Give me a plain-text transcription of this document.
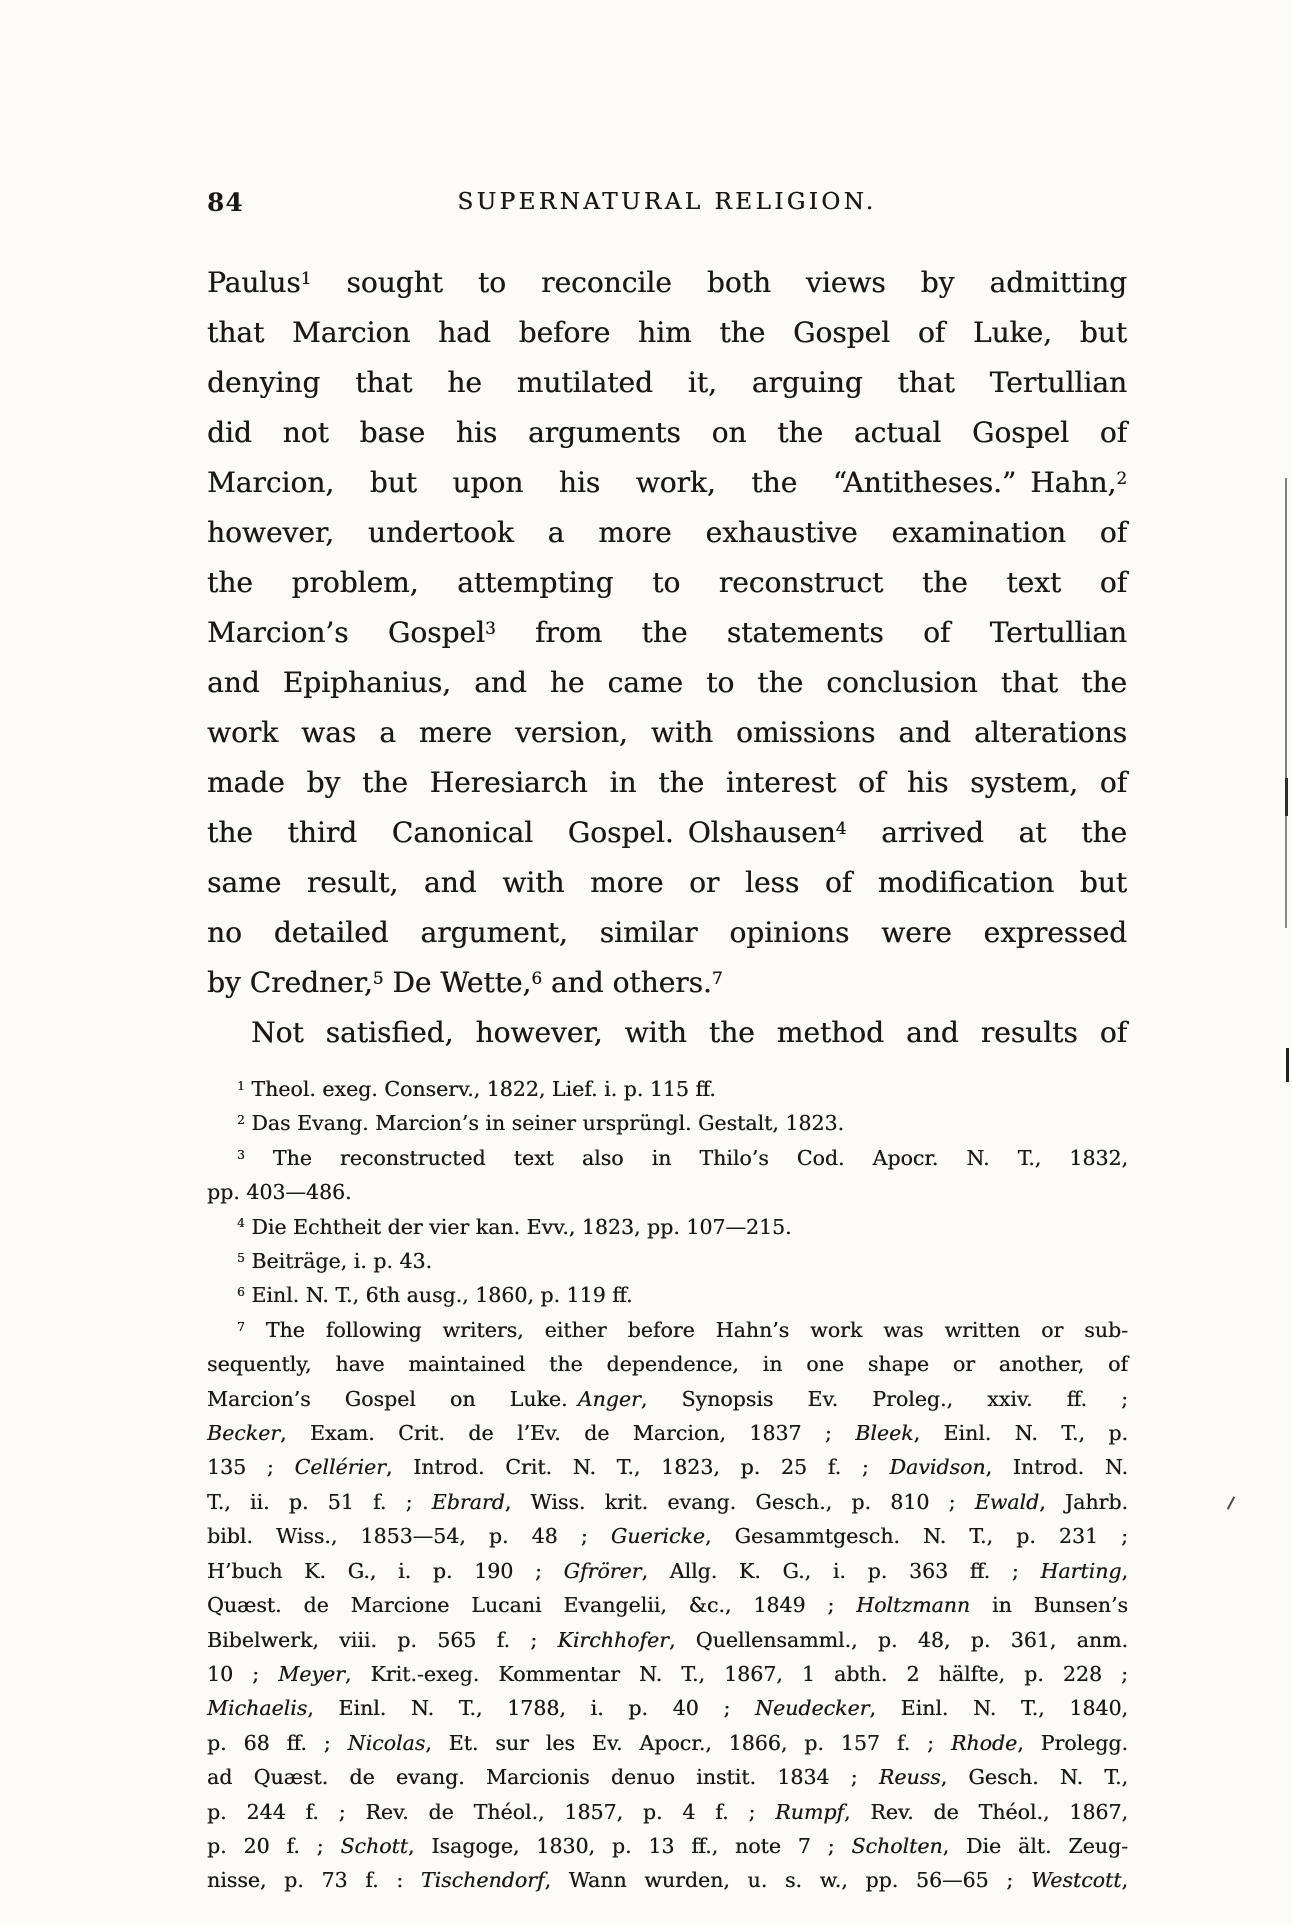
84	SUPERNATURAL RELIGION.
Paulus$^1$ sought to reconcile both views by admitting
that Marcion had before him the Gospel of Luke, but
denying that he mutilated it, arguing that Tertullian
did not base his arguments on the actual Gospel of
Marcion, but upon his work, the “Antitheses.” Hahn,$^2$
however, undertook a more exhaustive examination of
the problem, attempting to reconstruct the text of
Marcion’s Gospel$^3$ from the statements of Tertullian
and Epiphanius, and he came to the conclusion that the
work was a mere version, with omissions and alterations
made by the Heresiarch in the interest of his system, of
the third Canonical Gospel. Olshausen$^4$ arrived at the
same result, and with more or less of modification but
no detailed argument, similar opinions were expressed
by Credner,$^5$ De Wette,$^6$ and others.$^7$
Not satisfied, however, with the method and results of
$^1$ Theol. exeg. Conserv., 1822, Lief. i. p. 115 ff.
$^2$ Das Evang. Marcion’s in seiner ursprüngl. Gestalt, 1823.
$^3$ The reconstructed text also in Thilo’s Cod. Apocr. N. T., 1832,
pp. 403—486.
$^4$ Die Echtheit der vier kan. Evv., 1823, pp. 107—215.
$^5$ Beiträge, i. p. 43.
$^6$ Einl. N. T., 6th ausg., 1860, p. 119 ff.
$^7$ The following writers, either before Hahn’s work was written or sub-
sequently, have maintained the dependence, in one shape or another, of
Marcion’s Gospel on Luke. Anger, Synopsis Ev. Proleg., xxiv. ff. ;
Becker, Exam. Crit. de l’Ev. de Marcion, 1837 ; Bleek, Einl. N. T., p.
135 ; Cellérier, Introd. Crit. N. T., 1823, p. 25 f. ; Davidson, Introd. N.
T., ii. p. 51 f. ; Ebrard, Wiss. krit. evang. Gesch., p. 810 ; Ewald, Jahrb.
bibl. Wiss., 1853—54, p. 48 ; Guericke, Gesammtgesch. N. T., p. 231 ;
H’buch K. G., i. p. 190 ; Gfrörer, Allg. K. G., i. p. 363 ff. ; Harting,
Quæst. de Marcione Lucani Evangelii, &c., 1849 ; Holtzmann in Bunsen’s
Bibelwerk, viii. p. 565 f. ; Kirchhofer, Quellensamml., p. 48, p. 361, anm.
10 ; Meyer, Krit.-exeg. Kommentar N. T., 1867, 1 abth. 2 hälfte, p. 228 ;
Michaelis, Einl. N. T., 1788, i. p. 40 ; Neudecker, Einl. N. T., 1840,
p. 68 ff. ; Nicolas, Et. sur les Ev. Apocr., 1866, p. 157 f. ; Rhode, Prolegg.
ad Quæst. de evang. Marcionis denuo instit. 1834 ; Reuss, Gesch. N. T.,
p. 244 f. ; Rev. de Théol., 1857, p. 4 f. ; Rumpf, Rev. de Théol., 1867,
p. 20 f. ; Schott, Isagoge, 1830, p. 13 ff., note 7 ; Scholten, Die ält. Zeug-
nisse, p. 73 f. : Tischendorf, Wann wurden, u. s. w., pp. 56—65 ; Westcott,
